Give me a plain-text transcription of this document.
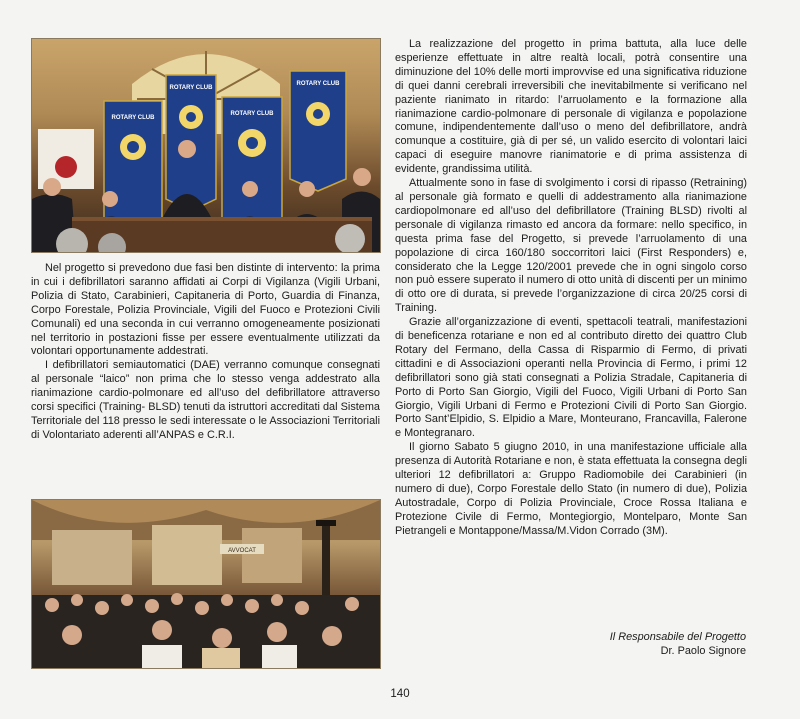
ROTARY CLUB
ROTARY CLUB
ROTARY CLUB
ROTARY CLUB

Nel progetto si prevedono due fasi ben distinte di intervento: la prima in cui i defibrillatori saranno affidati ai Corpi di Vigilanza (Vigili Urbani, Polizia di Stato, Carabinieri, Capitaneria di Porto, Guardia di Finanza, Corpo Forestale, Polizia Provinciale, Vigili del Fuoco e Protezioni Civili Comunali) ed una seconda in cui verranno omogeneamente posizionati nel territorio in postazioni fisse per essere eventualmente utilizzati da volontari opportunamente addestrati.

I defibrillatori semiautomatici (DAE) verranno comunque consegnati al personale “laico” non prima che lo stesso venga addestrato alla rianimazione cardio-polmonare ed all’uso del defibrillatore attraverso corsi specifici (Training- BLSD) tenuti da istruttori accreditati dal Sistema Territoriale del 118 presso le sedi interessate o le Associazioni Territoriali di Volontariato aderenti all’ANPAS e C.R.I.

AVVOCAT

La realizzazione del progetto in prima battuta, alla luce delle esperienze effettuate in altre realtà locali, potrà consentire una diminuzione del 10% delle morti improvvise ed una significativa riduzione di quei danni cerebrali irreversibili che inevitabilmente si verificano nel paziente rianimato in ritardo: l’arruolamento e la formazione alla rianimazione cardio-polmonare di personale di vigilanza e popolazione comune, indipendentemente dall’uso o meno del defibrillatore, andrà comunque a costituire, già di per sé, un valido esercito di volontari laici capaci di eseguire manovre rianimatorie e di prima assistenza di evidente, grandissima utilità.

Attualmente sono in fase di svolgimento i corsi di ripasso (Retraining) al personale già formato e quelli di addestramento alla rianimazione cardiopolmonare ed all’uso del defibrillatore (Training BLSD) rivolti al personale di vigilanza rimasto ed ancora da formare: nello specifico, in questa prima fase del Progetto, si prevede l’arruolamento di una popolazione di circa 160/180 soccorritori laici (First Responders) e, considerato che la Legge 120/2001 prevede che in ogni singolo corso non può essere superato il numero di otto unità di discenti per un minimo di otto ore di durata, si prevede l’organizzazione di circa 20/25 corsi di Training.

Grazie all’organizzazione di eventi, spettacoli teatrali, manifestazioni di beneficenza rotariane e non ed al contributo diretto dei quattro Club Rotary del Fermano, della Cassa di Risparmio di Fermo, di privati cittadini e di Associazioni operanti nella Provincia di Fermo, i primi 12 defibrillatori sono già stati consegnati a Polizia Stradale, Capitaneria di Porto di Porto San Giorgio, Vigili del Fuoco, Vigili Urbani di Porto San Giorgio, Vigili Urbani di Fermo e Protezioni Civili di Porto San Giorgio. Porto Sant’Elpidio, S. Elpidio a Mare, Monteurano, Francavilla, Falerone e Montegranaro.

Il giorno Sabato 5 giugno 2010, in una manifestazione ufficiale alla presenza di Autorità Rotariane e non, è stata effettuata la consegna degli ulteriori 12 defibrillatori a: Gruppo Radiomobile dei Carabinieri (in numero di due), Corpo Forestale dello Stato (in numero di due), Polizia Autostradale, Corpo di Polizia Provinciale, Croce Rossa Italiana e Protezione Civile di Fermo, Montegiorgio, Montelparo, Monte San Pietrangeli e Montappone/Massa/M.Vidon Corrado (3M).

Il Responsabile del Progetto
Dr. Paolo Signore
140
